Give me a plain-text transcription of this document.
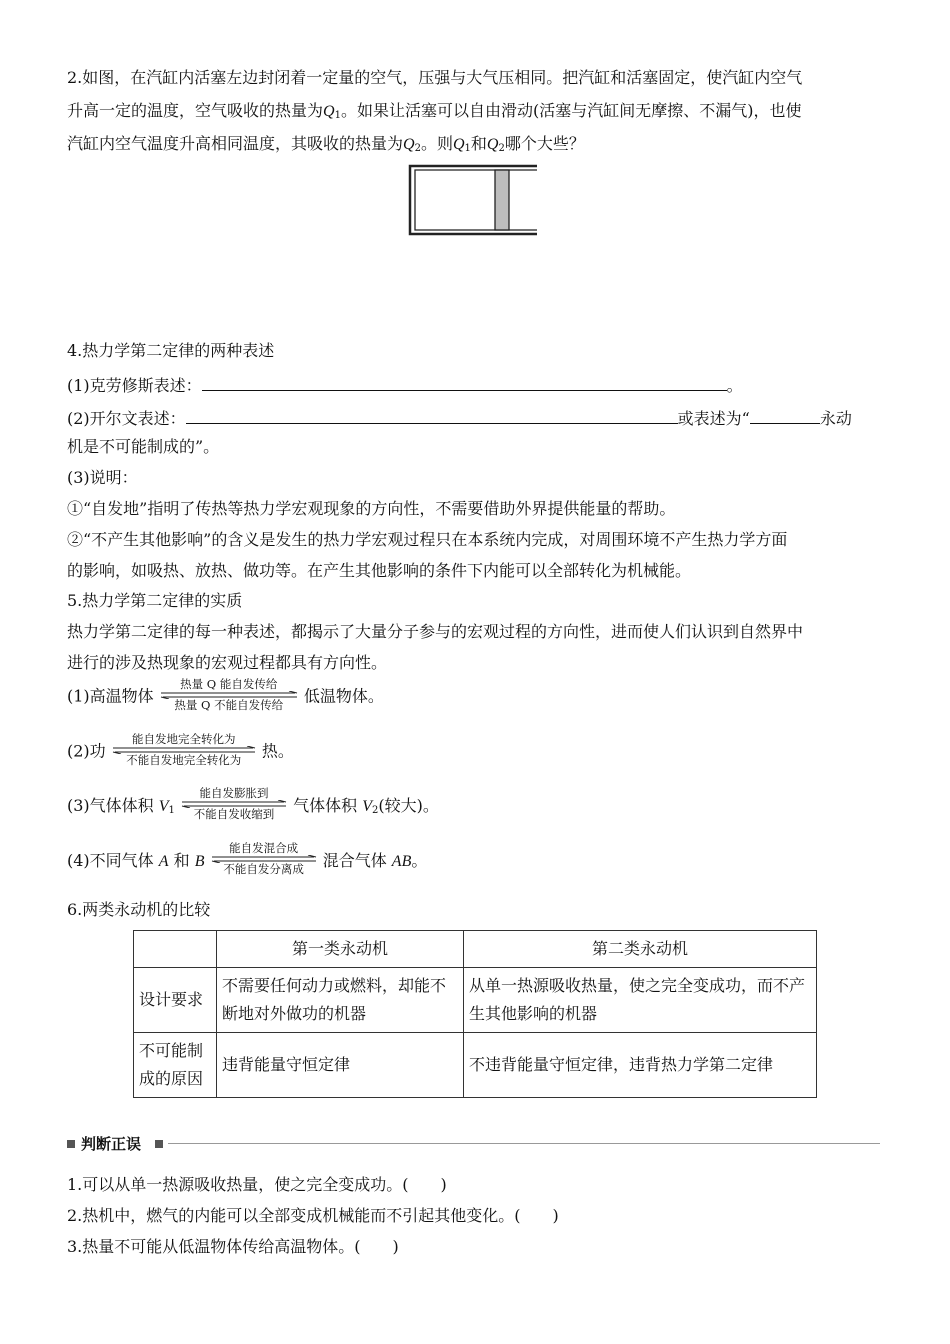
2.如图，在汽缸内活塞左边封闭着一定量的空气，压强与大气压相同。把汽缸和活塞固定，使汽缸内空气
升高一定的温度，空气吸收的热量为$Q_1$。如果让活塞可以自由滑动(活塞与汽缸间无摩擦、不漏气)，也使
汽缸内空气温度升高相同温度，其吸收的热量为$Q_2$。则$Q_1$和$Q_2$哪个大些？
4.热力学第二定律的两种表述
(1)克劳修斯表述：	。
(2)开尔文表述：	或表述为“	永动
机是不可能制成的”。
(3)说明：
①“自发地”指明了传热等热力学宏观现象的方向性，不需要借助外界提供能量的帮助。
②“不产生其他影响”的含义是发生的热力学宏观过程只在本系统内完成，对周围环境不产生热力学方面
的影响，如吸热、放热、做功等。在产生其他影响的条件下内能可以全部转化为机械能。
5.热力学第二定律的实质
热力学第二定律的每一种表述，都揭示了大量分子参与的宏观过程的方向性，进而使人们认识到自然界中
进行的涉及热现象的宏观过程都具有方向性。
(1)高温物体
热量 Q 能自发传给
热量 Q 不能自发传给	低温物体。
(2)功
能自发地完全转化为
不能自发地完全转化为	热。
(3)气体体积 $V_1$
能自发膨胀到
不能自发收缩到	气体体积 $V_2$(较大)。
(4)不同气体 A 和 B
能自发混合成
不能自发分离成	混合气体 AB。
6.两类永动机的比较
	第一类永动机	第二类永动机
设计要求	不需要任何动力或燃料，却能不断地对外做功的机器	从单一热源吸收热量，使之完全变成功，而不产生其他影响的机器
不可能制成的原因	违背能量守恒定律	不违背能量守恒定律，违背热力学第二定律
判断正误
1.可以从单一热源吸收热量，使之完全变成功。(　　)
2.热机中，燃气的内能可以全部变成机械能而不引起其他变化。(　　)
3.热量不可能从低温物体传给高温物体。(　　)
